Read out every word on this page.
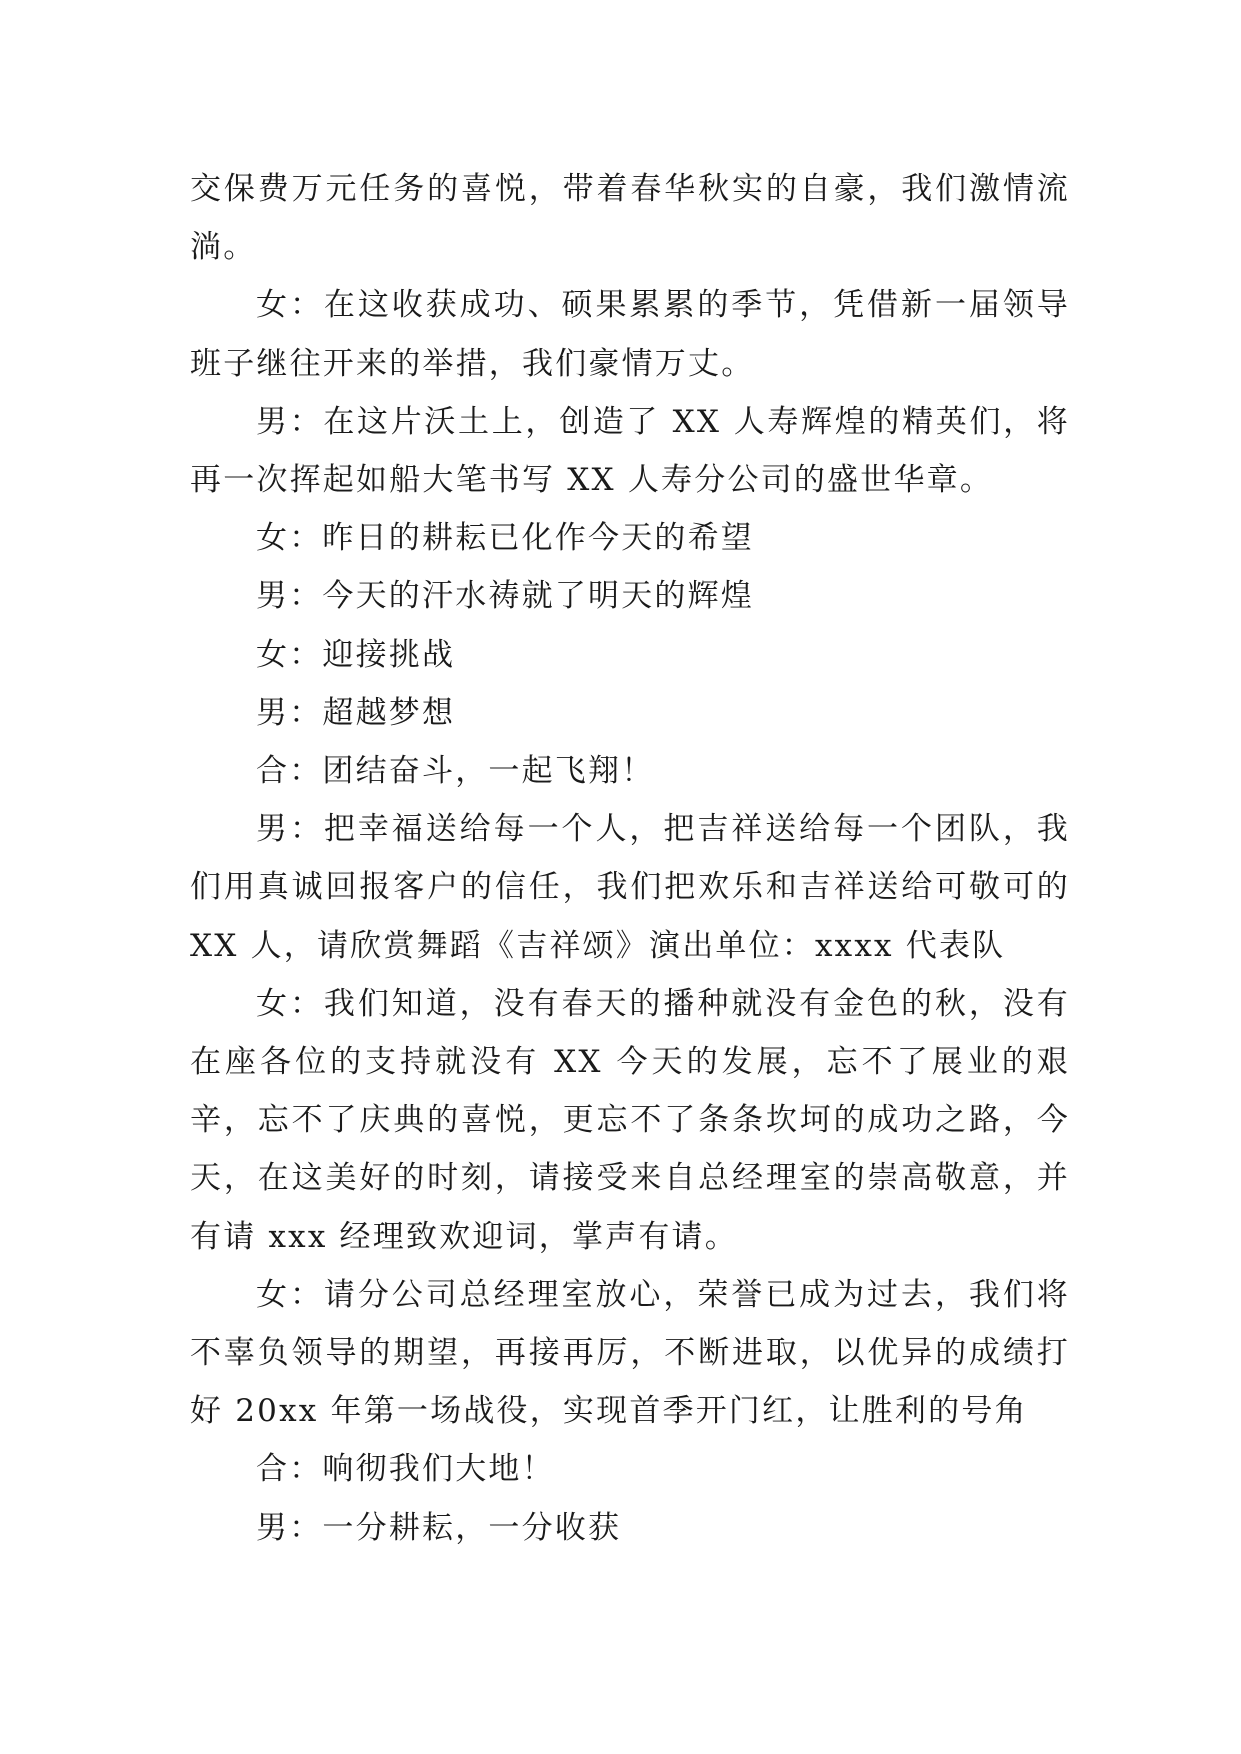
交保费万元任务的喜悦，带着春华秋实的自豪，我们激情流淌。

女：在这收获成功、硕果累累的季节，凭借新一届领导班子继往开来的举措，我们豪情万丈。

男：在这片沃土上，创造了 XX 人寿辉煌的精英们，将再一次挥起如船大笔书写 XX 人寿分公司的盛世华章。

女：昨日的耕耘已化作今天的希望

男：今天的汗水祷就了明天的辉煌

女：迎接挑战

男：超越梦想

合：团结奋斗，一起飞翔！

男：把幸福送给每一个人，把吉祥送给每一个团队，我们用真诚回报客户的信任，我们把欢乐和吉祥送给可敬可的 XX 人，请欣赏舞蹈《吉祥颂》演出单位：xxxx 代表队

女：我们知道，没有春天的播种就没有金色的秋，没有在座各位的支持就没有 XX 今天的发展，忘不了展业的艰辛，忘不了庆典的喜悦，更忘不了条条坎坷的成功之路，今天，在这美好的时刻，请接受来自总经理室的崇高敬意，并有请 xxx 经理致欢迎词，掌声有请。

女：请分公司总经理室放心，荣誉已成为过去，我们将不辜负领导的期望，再接再厉，不断进取，以优异的成绩打好 20xx 年第一场战役，实现首季开门红，让胜利的号角

合：响彻我们大地！

男：一分耕耘，一分收获
